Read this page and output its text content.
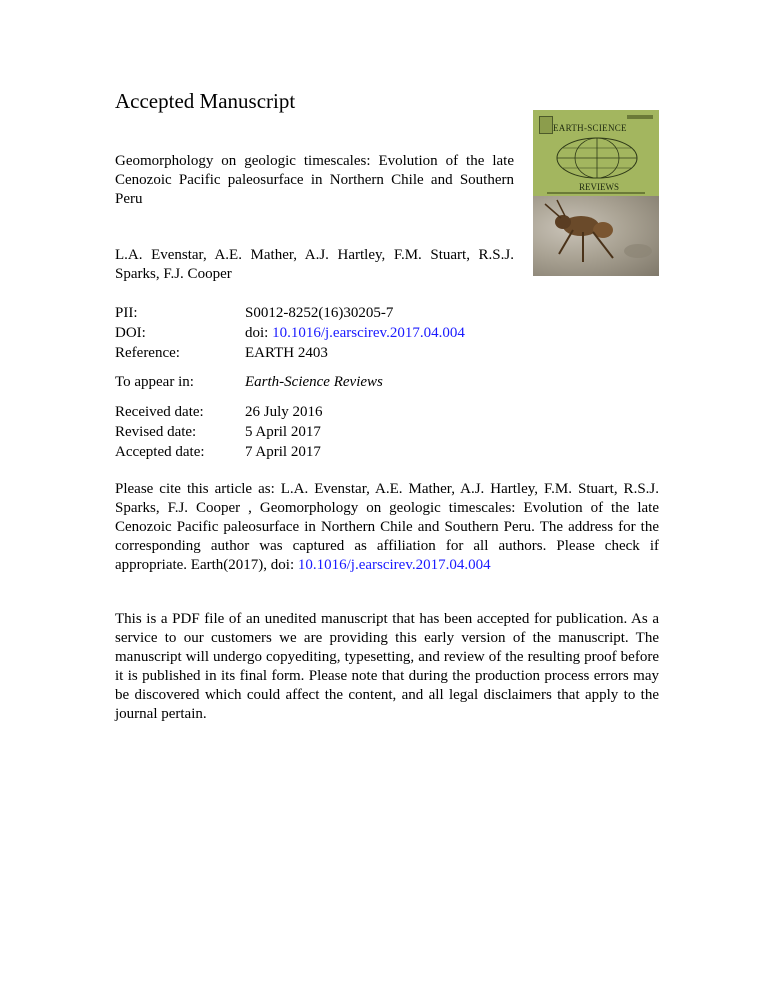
Accepted Manuscript
Geomorphology on geologic timescales: Evolution of the late Cenozoic Pacific paleosurface in Northern Chile and Southern Peru
L.A. Evenstar, A.E. Mather, A.J. Hartley, F.M. Stuart, R.S.J. Sparks, F.J. Cooper
EARTH-SCIENCE
REVIEWS
PII:	S0012-8252(16)30205-7
DOI:	doi: 10.1016/j.earscirev.2017.04.004
Reference:	EARTH 2403
To appear in:	Earth-Science Reviews
Received date:	26 July 2016
Revised date:	5 April 2017
Accepted date:	7 April 2017
Please cite this article as: L.A. Evenstar, A.E. Mather, A.J. Hartley, F.M. Stuart, R.S.J. Sparks, F.J. Cooper , Geomorphology on geologic timescales: Evolution of the late Cenozoic Pacific paleosurface in Northern Chile and Southern Peru. The address for the corresponding author was captured as affiliation for all authors. Please check if appropriate. Earth(2017), doi: 10.1016/j.earscirev.2017.04.004
This is a PDF file of an unedited manuscript that has been accepted for publication. As a service to our customers we are providing this early version of the manuscript. The manuscript will undergo copyediting, typesetting, and review of the resulting proof before it is published in its final form. Please note that during the production process errors may be discovered which could affect the content, and all legal disclaimers that apply to the journal pertain.
